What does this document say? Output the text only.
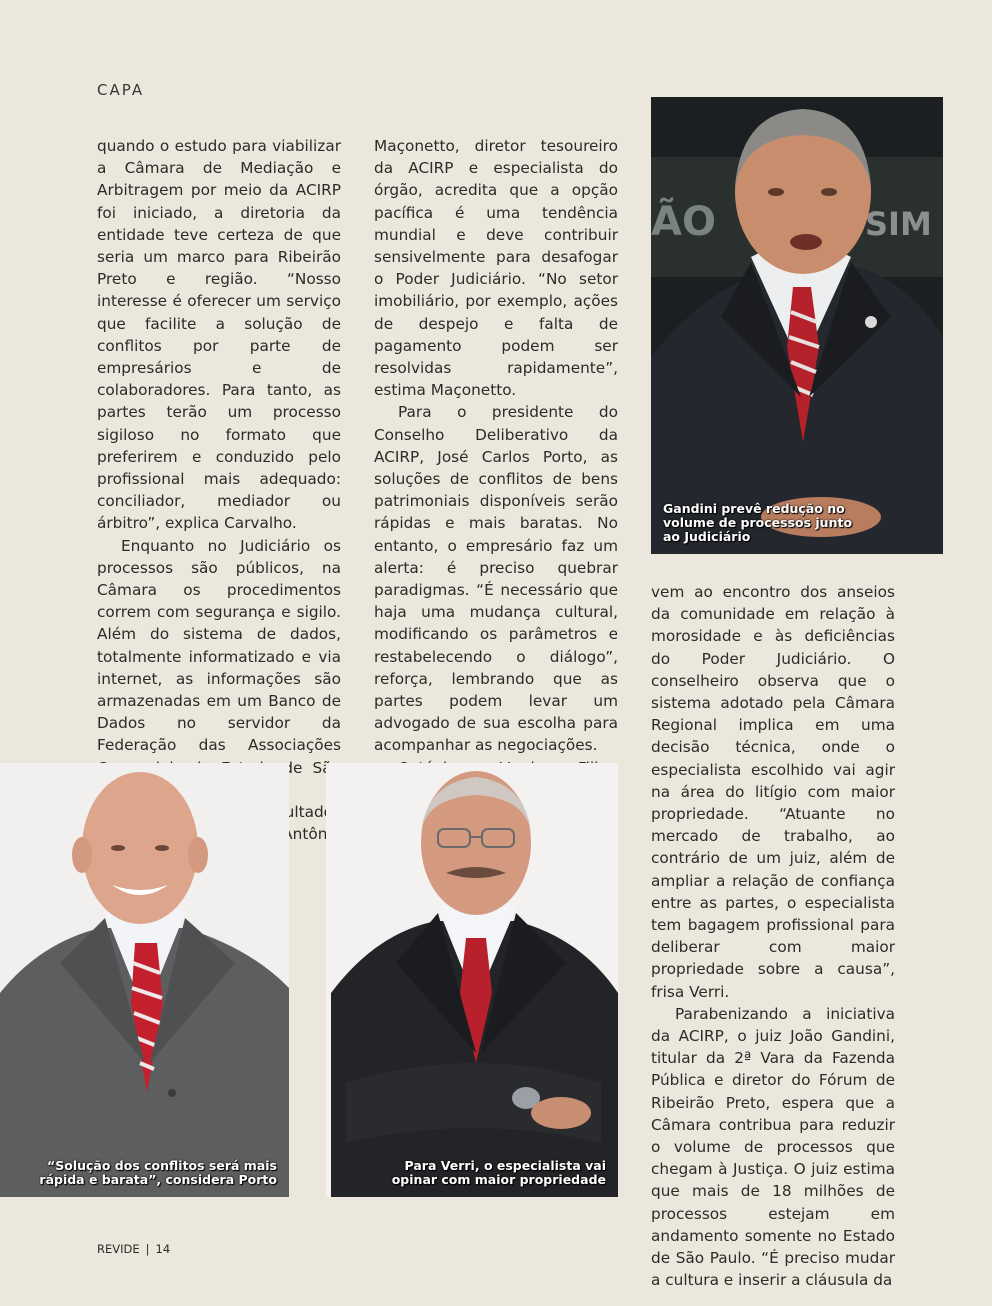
CAPA

quando o estudo para viabilizar a Câmara de Mediação e Arbitragem por meio da ACIRP foi iniciado, a diretoria da entidade teve certeza de que seria um marco para Ribeirão Preto e região. “Nosso interesse é oferecer um serviço que facilite a solução de conflitos por parte de empresários e de colaboradores. Para tanto, as partes terão um processo sigiloso no formato que preferirem e conduzido pelo profissional mais adequado: conciliador, mediador ou árbitro”, explica Carvalho.

Enquanto no Judiciário os processos são públicos, na Câmara os procedimentos correm com segurança e sigilo. Além do sistema de dados, totalmente informatizado e via internet, as informações são armazenadas em um Banco de Dados no servidor da Federação das Associações de

resultados Antônio

Maçonetto, diretor tesoureiro da ACIRP e especialista do órgão, acredita que a opção pacífica é uma tendência mundial e deve contribuir sensivelmente para desafogar o Poder Judiciário. “No setor imobiliário, por exemplo, ações de despejo e falta de pagamento podem ser resolvidas rapidamente”, estima Maçonetto.

Para o presidente do Conselho Deliberativo da ACIRP, José Carlos Porto, as soluções de conflitos de bens patrimoniais disponíveis serão rápidas e mais baratas. No entanto, o empresário faz um alerta: é preciso quebrar paradigmas. “É necessário que haja uma mudança cultural, modificando os parâmetros e restabelecendo o diálogo”, reforça, lembrando que as partes podem levar um advogado de sua escolha para acompanhar as negociações.

vem ao encontro dos anseios da comunidade em relação à morosidade e às deficiências do Poder Judiciário. O conselheiro observa que o sistema adotado pela Câmara Regional implica em uma decisão técnica, onde o especialista escolhido vai agir na área do litígio com maior propriedade. “Atuante no mercado de trabalho, ao contrário de um juiz, além de ampliar a relação de confiança entre as partes, o especialista tem bagagem profissional para deliberar com maior propriedade sobre a causa”, frisa Verri.

Parabenizando a iniciativa da ACIRP, o juiz João Gandini, titular da 2ª Vara da Fazenda Pública e diretor do Fórum de Ribeirão Preto, espera que a Câmara contribua para reduzir o volume de processos que chegam à Justiça. O juiz estima que mais de 18 milhões de processos estejam em andamento somente no Estado de São Paulo. “É preciso mudar a cultura e inserir a cláusula da

ÃO	SIM
Gandini prevê redução no volume de processos junto ao Judiciário
“Solução dos conflitos será mais rápida e barata”, considera Porto
Para Verri, o especialista vai opinar com maior propriedade
REVIDE | 14
